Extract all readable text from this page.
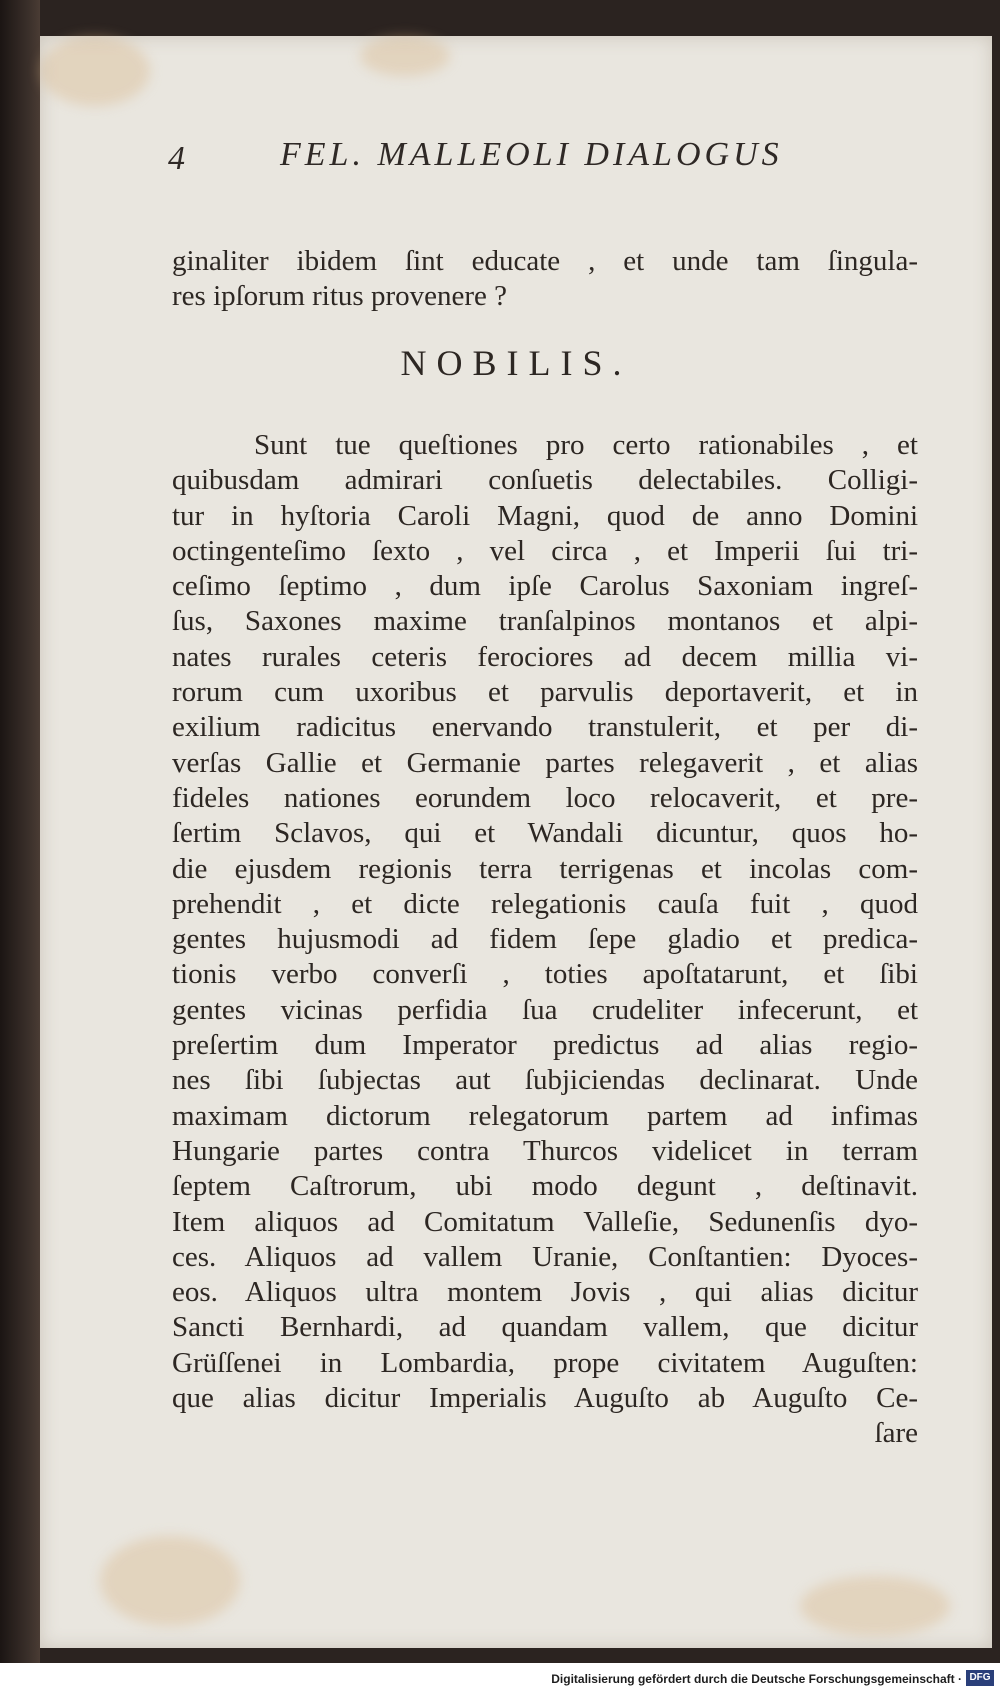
4	FEL. MALLEOLI DIALOGUS
ginaliter ibidem ſint educate , et unde tam ſingula-
res ipſorum ritus provenere ?
NOBILIS.
Sunt tue queſtiones pro certo rationabiles , et
quibusdam admirari conſuetis delectabiles. Colligi-
tur in hyſtoria Caroli Magni, quod de anno Domini
octingenteſimo ſexto , vel circa , et Imperii ſui tri-
ceſimo ſeptimo , dum ipſe Carolus Saxoniam ingreſ-
ſus, Saxones maxime tranſalpinos montanos et alpi-
nates rurales ceteris ferociores ad decem millia vi-
rorum cum uxoribus et parvulis deportaverit, et in
exilium radicitus enervando transtulerit, et per di-
verſas Gallie et Germanie partes relegaverit , et alias
fideles nationes eorundem loco relocaverit, et pre-
ſertim Sclavos, qui et Wandali dicuntur, quos ho-
die ejusdem regionis terra terrigenas et incolas com-
prehendit , et dicte relegationis cauſa fuit , quod
gentes hujusmodi ad fidem ſepe gladio et predica-
tionis verbo converſi , toties apoſtatarunt, et ſibi
gentes vicinas perfidia ſua crudeliter infecerunt, et
preſertim dum Imperator predictus ad alias regio-
nes ſibi ſubjectas aut ſubjiciendas declinarat. Unde
maximam dictorum relegatorum partem ad infimas
Hungarie partes contra Thurcos videlicet in terram
ſeptem Caſtrorum, ubi modo degunt , deſtinavit.
Item aliquos ad Comitatum Valleſie, Sedunenſis dyo-
ces. Aliquos ad vallem Uranie, Conſtantien: Dyoces-
eos. Aliquos ultra montem Jovis , qui alias dicitur
Sancti Bernhardi, ad quandam vallem, que dicitur
Grüſſenei in Lombardia, prope civitatem Auguſten:
que alias dicitur Imperialis Auguſto ab Auguſto Ce-
ſare
Digitalisierung gefördert durch die Deutsche Forschungsgemeinschaft · DFG
